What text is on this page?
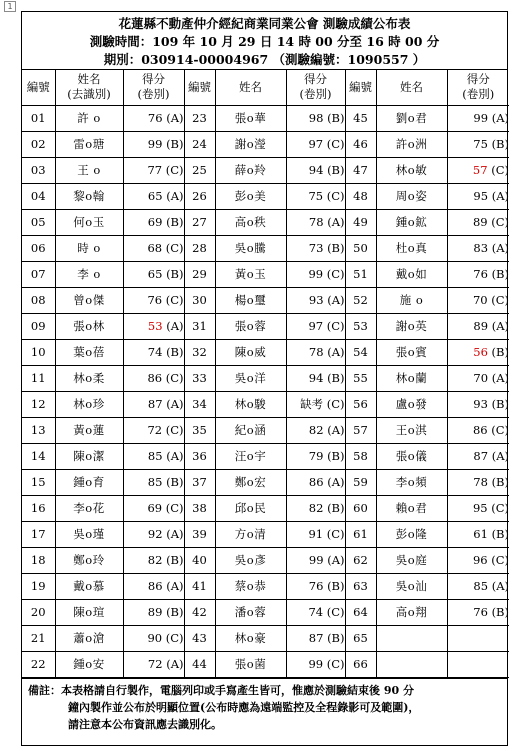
1
花蓮縣不動產仲介經紀商業同業公會 測驗成績公布表
測驗時間：109 年 10 月 29 日 14 時 00 分至 16 時 00 分
期別：030914-00004967 （測驗編號：1090557 ）
編號	姓名
(去識別)	得分
(卷別)	編號	姓名	得分
(卷別)	編號	姓名	得分
(卷別)
01	許 o	76 (A)	23	張o華	98 (B)	45	劉o君	99 (A)
02	雷o瑭	99 (B)	24	謝o瀅	97 (C)	46	許o洲	75 (B)
03	王 o	77 (C)	25	薛o羚	94 (B)	47	林o敏	57 (C)
04	黎o翰	65 (A)	26	彭o美	75 (C)	48	周o姿	95 (A)
05	何o玉	69 (B)	27	高o秩	78 (A)	49	鍾o鉱	89 (C)
06	時 o	68 (C)	28	吳o騰	73 (B)	50	杜o真	83 (A)
07	李 o	65 (B)	29	黃o玉	99 (C)	51	戴o如	76 (B)
08	曾o傑	76 (C)	30	楊o璽	93 (A)	52	施 o	70 (C)
09	張o林	53 (A)	31	張o蓉	97 (C)	53	謝o英	89 (A)
10	葉o蓓	74 (B)	32	陳o威	78 (A)	54	張o賓	56 (B)
11	林o柔	86 (C)	33	吳o洋	94 (B)	55	林o蘭	70 (A)
12	林o珍	87 (A)	34	林o駿	缺考 (C)	56	盧o發	93 (B)
13	黃o蓮	72 (C)	35	紀o涵	82 (A)	57	王o淇	86 (C)
14	陳o潔	85 (A)	36	汪o宇	79 (B)	58	張o儀	87 (A)
15	鍾o育	85 (B)	37	鄭o宏	86 (A)	59	李o頻	78 (B)
16	李o花	69 (C)	38	邱o民	82 (B)	60	賴o君	95 (C)
17	吳o瑾	92 (A)	39	方o清	91 (C)	61	彭o隆	61 (B)
18	鄭o玲	82 (B)	40	吳o彥	99 (A)	62	吳o庭	96 (C)
19	戴o慕	86 (A)	41	蔡o恭	76 (B)	63	吳o汕	85 (A)
20	陳o瑄	89 (B)	42	潘o蓉	74 (C)	64	高o翔	76 (B)
21	蕭o滄	90 (C)	43	林o豪	87 (B)	65		
22	鍾o安	72 (A)	44	張o菌	99 (C)	66		
備註：本表格請自行製作，電腦列印或手寫產生皆可，惟應於測驗結束後 90 分
鐘內製作並公布於明顯位置(公布時應為遠端監控及全程錄影可及範圍)，
請注意本公布資訊應去識別化。
